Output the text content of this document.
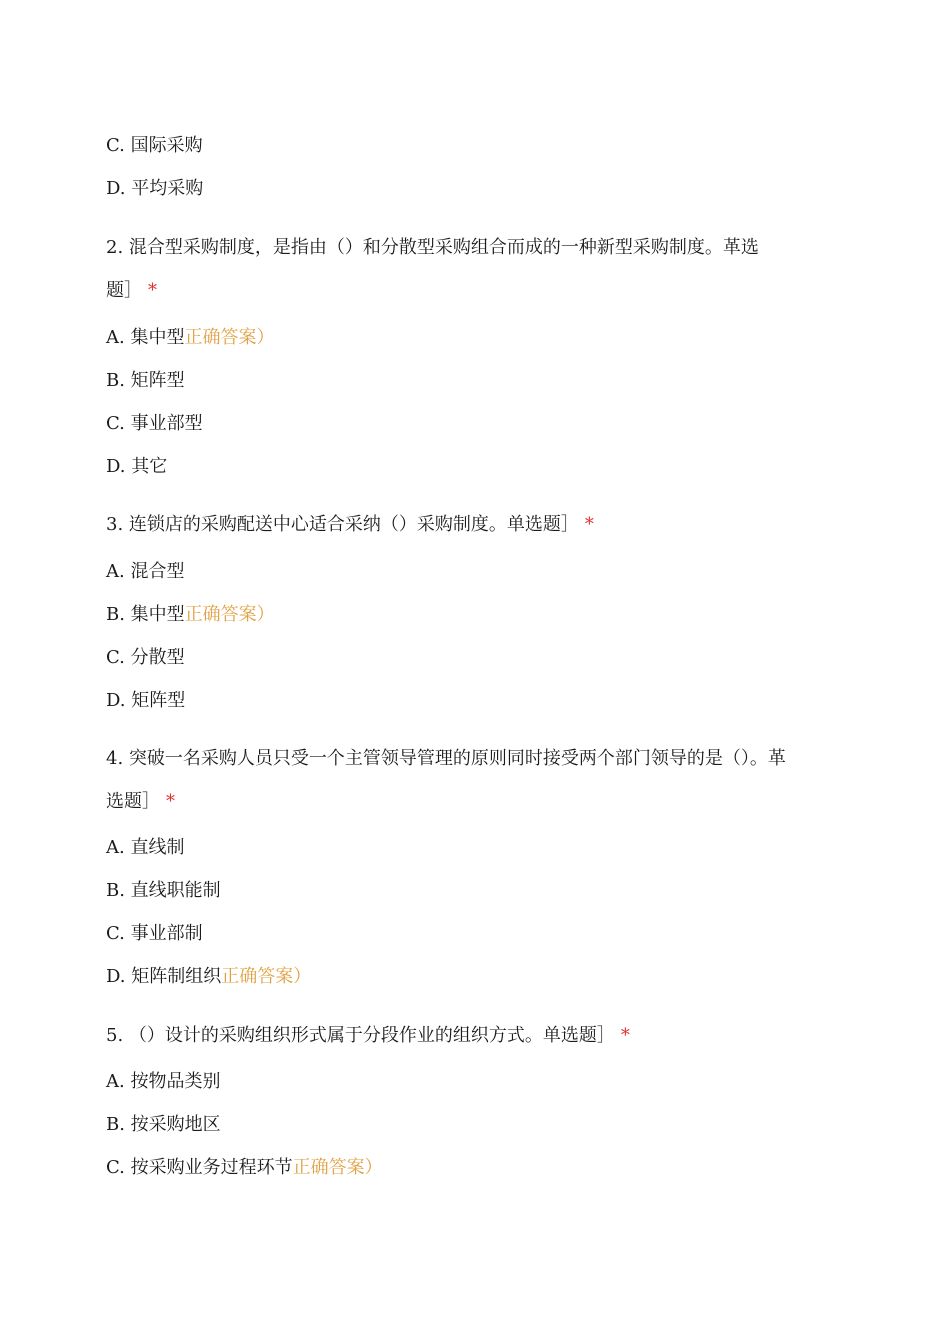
C. 国际采购
D. 平均采购
2. 混合型采购制度，是指由（）和分散型采购组合而成的一种新型采购制度。革选
题］ *
A. 集中型正确答案）
B. 矩阵型
C. 事业部型
D. 其它
3. 连锁店的采购配送中心适合采纳（）采购制度。单选题］ *
A. 混合型
B. 集中型正确答案）
C. 分散型
D. 矩阵型
4. 突破一名采购人员只受一个主管领导管理的原则同时接受两个部门领导的是（）。革
选题］ *
A. 直线制
B. 直线职能制
C. 事业部制
D. 矩阵制组织正确答案）
5. （）设计的采购组织形式属于分段作业的组织方式。单选题］ *
A. 按物品类别
B. 按采购地区
C. 按采购业务过程环节正确答案）
